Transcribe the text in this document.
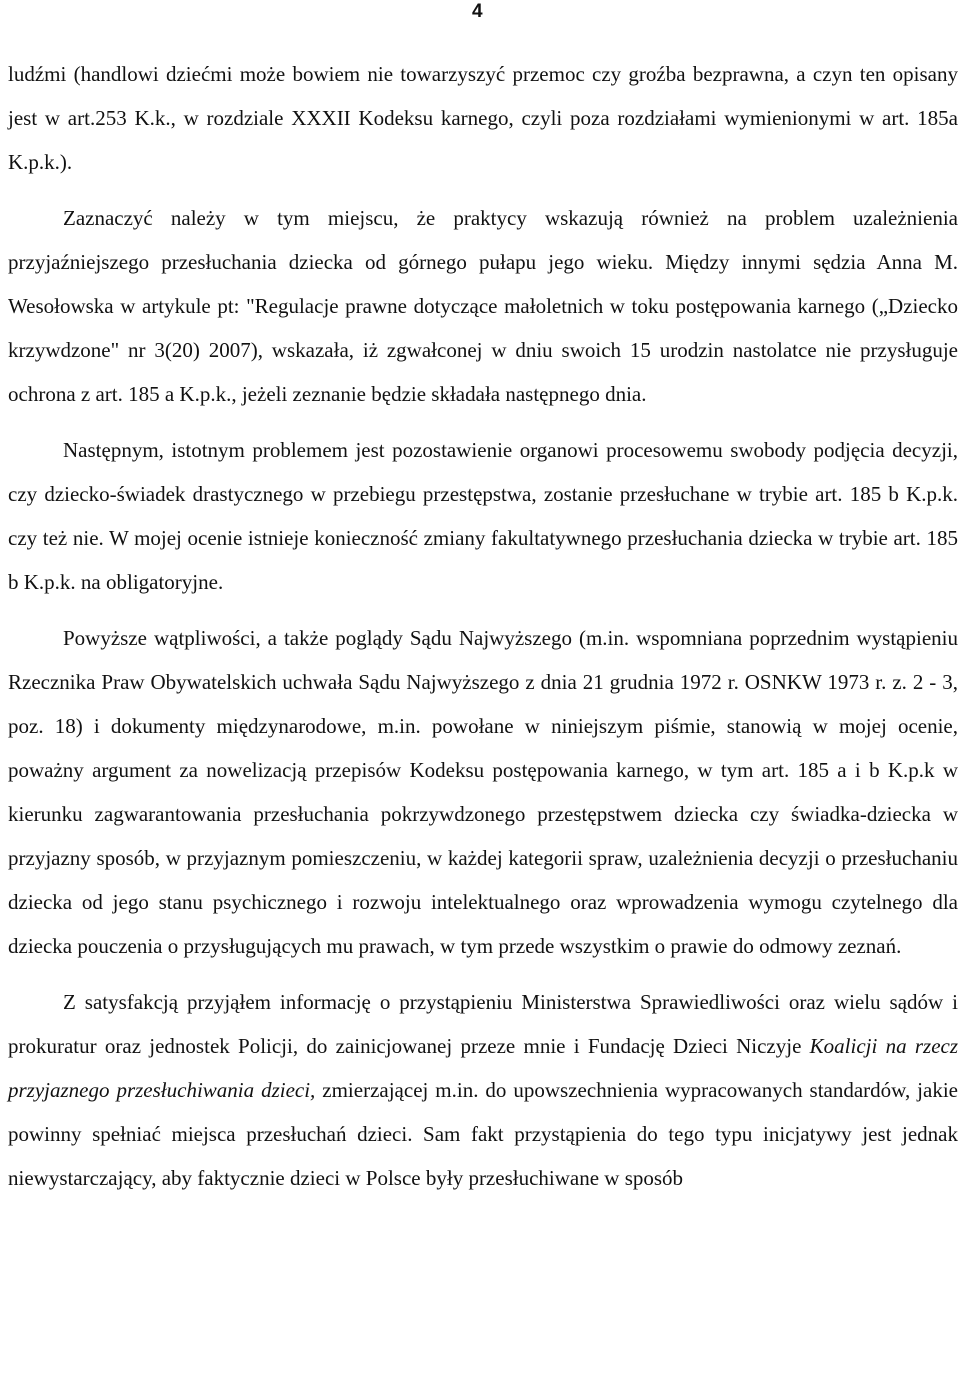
4

ludźmi (handlowi dziećmi może bowiem nie towarzyszyć przemoc czy groźba bezprawna, a czyn ten opisany jest w art.253 K.k., w rozdziale XXXII Kodeksu karnego, czyli poza rozdziałami wymienionymi w art. 185a K.p.k.).

Zaznaczyć należy w tym miejscu, że praktycy wskazują również na problem uzależnienia przyjaźniejszego przesłuchania dziecka od górnego pułapu jego wieku. Między innymi sędzia Anna M. Wesołowska w artykule pt: "Regulacje prawne dotyczące małoletnich w toku postępowania karnego („Dziecko krzywdzone" nr 3(20) 2007), wskazała, iż zgwałconej w dniu swoich 15 urodzin nastolatce nie przysługuje ochrona z art. 185 a K.p.k., jeżeli zeznanie będzie składała następnego dnia.

Następnym, istotnym problemem jest pozostawienie organowi procesowemu swobody podjęcia decyzji, czy dziecko-świadek drastycznego w przebiegu przestępstwa, zostanie przesłuchane w trybie art. 185 b K.p.k. czy też nie. W mojej ocenie istnieje konieczność zmiany fakultatywnego przesłuchania dziecka w trybie art. 185 b K.p.k. na obligatoryjne.

Powyższe wątpliwości, a także poglądy Sądu Najwyższego (m.in. wspomniana poprzednim wystąpieniu Rzecznika Praw Obywatelskich uchwała Sądu Najwyższego z dnia 21 grudnia 1972 r. OSNKW 1973 r. z. 2 - 3, poz. 18) i dokumenty międzynarodowe, m.in. powołane w niniejszym piśmie, stanowią w mojej ocenie, poważny argument za nowelizacją przepisów Kodeksu postępowania karnego, w tym art. 185 a i b K.p.k w kierunku zagwarantowania przesłuchania pokrzywdzonego przestępstwem dziecka czy świadka-dziecka w przyjazny sposób, w przyjaznym pomieszczeniu, w każdej kategorii spraw, uzależnienia decyzji o przesłuchaniu dziecka od jego stanu psychicznego i rozwoju intelektualnego oraz wprowadzenia wymogu czytelnego dla dziecka pouczenia o przysługujących mu prawach, w tym przede wszystkim o prawie do odmowy zeznań.

Z satysfakcją przyjąłem informację o przystąpieniu Ministerstwa Sprawiedliwości oraz wielu sądów i prokuratur oraz jednostek Policji, do zainicjowanej przeze mnie i Fundację Dzieci Niczyje Koalicji na rzecz przyjaznego przesłuchiwania dzieci, zmierzającej m.in. do upowszechnienia wypracowanych standardów, jakie powinny spełniać miejsca przesłuchań dzieci. Sam fakt przystąpienia do tego typu inicjatywy jest jednak niewystarczający, aby faktycznie dzieci w Polsce były przesłuchiwane w sposób
